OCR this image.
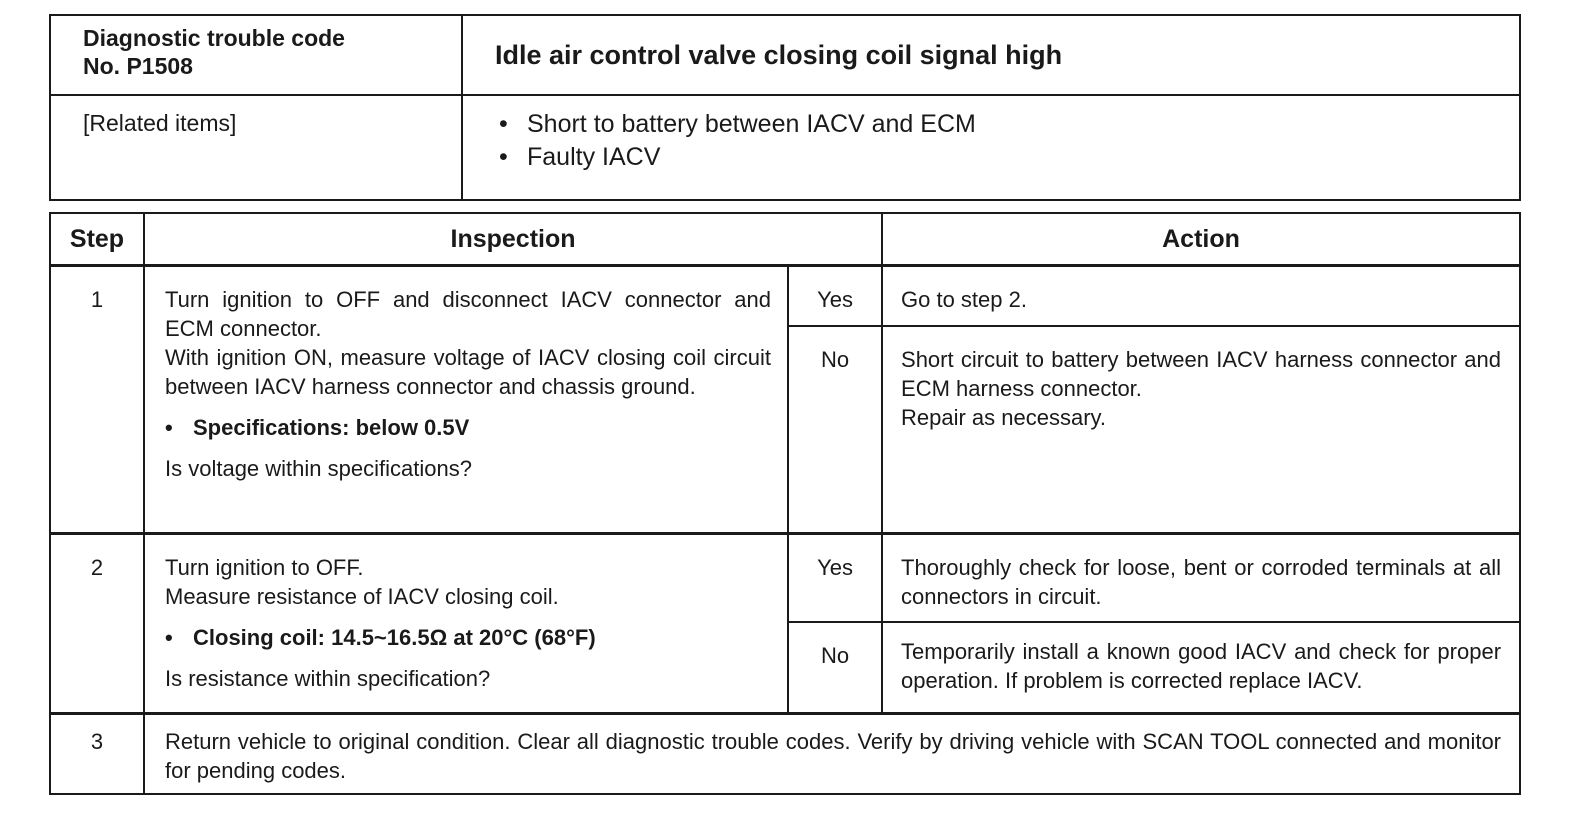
Diagnostic trouble code
No. P1508	Idle air control valve closing coil signal high
[Related items]	• Short to battery between IACV and ECM
• Faulty IACV
Step	Inspection		Action
1	Turn ignition to OFF and disconnect IACV connector and ECM connector.

With ignition ON, measure voltage of IACV closing coil circuit between IACV harness connector and chassis ground.

• Specifications: below 0.5V

Is voltage within specifications?	Yes	Go to step 2.
		No	Short circuit to battery between IACV harness connector and ECM harness connector.
Repair as necessary.

2	Turn ignition to OFF.

Measure resistance of IACV closing coil.

• Closing coil: 14.5~16.5Ω at 20°C (68°F)

Is resistance within specification?	Yes	Thoroughly check for loose, bent or corroded terminals at all connectors in circuit.
		No	Temporarily install a known good IACV and check for proper operation. If problem is corrected replace IACV.
3	Return vehicle to original condition. Clear all diagnostic trouble codes. Verify by driving vehicle with SCAN TOOL connected and monitor for pending codes.		
